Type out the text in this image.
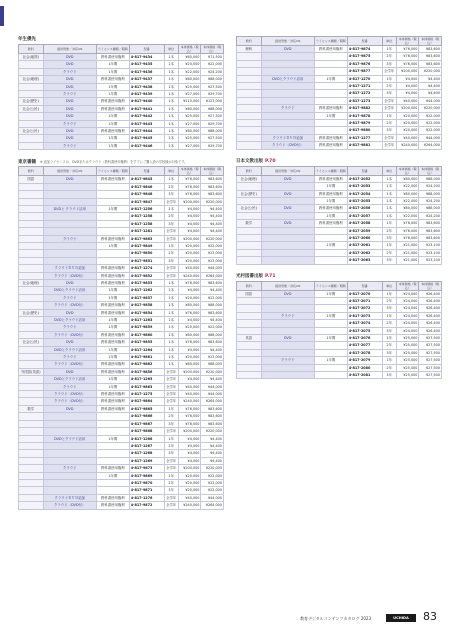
年生優先
教科	提供形態／対応OS	ライセンス種類／期間	型番	単位	本体価格（税込）	本体価格（税込）
社会(地図)	DVD	教科書使用権利	4-817-9434	1本	¥65,000	¥71,500
	DVD	1年間	4-817-9435	1本	¥20,000	¥22,000
	クラウド	1年間	4-817-9436	1本	¥22,000	¥24,200
社会(地理)	DVD	教科書使用権利	4-817-9437	1本	¥80,000	¥88,000
	DVD	1年間	4-817-9438	1本	¥25,000	¥27,500
	クラウド	1年間	4-817-9439	1本	¥27,000	¥29,700
社会(歴史)	DVD	教科書使用権利	4-817-9440	1本	¥110,000	¥121,000
社会(公民)	DVD	教科書使用権利	4-817-9441	1本	¥80,000	¥88,000
	DVD	1年間	4-817-9442	1本	¥25,000	¥27,500
	クラウド	1年間	4-817-9443	1本	¥27,000	¥29,700
社会(公民)	DVD	教科書使用権利	4-817-9444	1本	¥80,000	¥88,000
	DVD	1年間	4-817-9445	1本	¥25,000	¥27,500
	クラウド	1年間	4-817-9446	1本	¥27,000	¥29,700
東京書籍 ※ 追加ライセンスは、DVDまたはクラウド（教科書使用権利）をすでにご購入済の学校様が対象です。
教科	提供形態／対応OS	ライセンス種類／期間	型番	単位	本体価格（税込）	本体価格（税込）
国語	DVD	教科書使用権利	4-817-9845	1本	¥76,000	¥83,600
			4-817-9846	2年	¥76,000	¥83,600
			4-817-9848	3年	¥76,000	¥83,600
			4-817-9847	全学年	¥200,000	¥220,000
	DVDと クラウド活用	1年間	4-817-1256	1本	¥4,000	¥4,400
			4-817-1258	2年	¥4,000	¥4,400
			4-817-1258	3年	¥4,000	¥4,400
			4-817-1281	全学年	¥4,000	¥4,400
	クラウド	教科書使用権利	4-817-9863	全学年	¥200,000	¥220,000
		1年間	4-817-9849	1年	¥20,000	¥22,000
			4-817-9850	2年	¥20,000	¥22,000
			4-817-9851	3年	¥20,000	¥22,000
	クラウドＤＶＤ追加	教科書使用権利	4-817-1274	全学年	¥40,000	¥44,000
	クラウド（DVD付）	教科書使用権利	4-817-9852	全学年	¥240,000	¥264,000
社会(地理)	DVD	教科書使用権利	4-817-9853	1本	¥76,000	¥83,600
	DVDとクラウド活用	1年間	4-817-1262	1本	¥4,000	¥4,400
	クラウド	1年間	4-817-9857	1本	¥20,000	¥22,000
	クラウド（DVD付）	教科書使用権利	4-817-9858	1本	¥80,000	¥88,000
社会(歴史)	DVD	教科書使用権利	4-817-9854	1本	¥76,000	¥83,600
	DVDとクラウド活用	1年間	4-817-1263	1本	¥4,000	¥4,400
	クラウド	1年間	4-817-9859	1本	¥20,000	¥22,000
	クラウド（DVD付）	教科書使用権利	4-817-9860	1本	¥80,000	¥88,000
社会(公民)	DVD	教科書使用権利	4-817-9855	1本	¥76,000	¥83,600
	DVDとクラウド活用	1年間	4-817-1264	1本	¥4,000	¥4,400
	クラウド	1年間	4-817-9861	1本	¥20,000	¥22,000
	クラウド（DVD付）	教科書使用権利	4-817-9862	1本	¥80,000	¥88,000
外国語(英語)	DVD	教科書使用権利	4-817-9856	全学年	¥200,000	¥220,000
	DVDとクラウド活用	1年間	4-817-1265	全学年	¥4,000	¥4,400
	クラウド	1年間	4-817-9863	全学年	¥40,000	¥44,000
	クラウド（DVD付）	教科書使用権利	4-817-1275	全学年	¥40,000	¥44,000
	クラウド（DVD付）	教科書使用権利	4-817-9864	全学年	¥240,000	¥264,000
数学	DVD	教科書使用権利	4-817-9865	1年	¥76,000	¥83,600
			4-817-9866	2年	¥76,000	¥83,600
			4-817-9867	3年	¥76,000	¥83,600
			4-817-9868	全学年	¥200,000	¥220,000
	DVDとクラウド活用	1年間	4-817-1266	1年	¥4,000	¥4,400
			4-817-1267	2年	¥4,000	¥4,400
			4-817-1268	3年	¥4,000	¥4,400
			4-817-1269	全学年	¥4,000	¥4,400
	クラウド	教科書使用権利	4-817-9873	全学年	¥200,000	¥220,000
		1年間	4-817-9869	1年	¥20,000	¥22,000
			4-817-9870	2年	¥20,000	¥22,000
			4-817-9871	3年	¥20,000	¥22,000
	クラウドＤＶＤ追加	教科書使用権利	4-817-1276	全学年	¥40,000	¥44,000
	クラウド（DVD付）	教科書使用権利	4-817-9872	全学年	¥240,000	¥264,000
教科	提供形態／対応OS	ライセンス種類／期間	型番	単位	本体価格（税込）	本体価格（税込）
理科	DVD	教科書使用権利	4-817-9874	1年	¥76,000	¥83,600
			4-817-9875	2年	¥76,000	¥83,600
			4-817-9876	3年	¥76,000	¥83,600
			4-817-9877	全学年	¥200,000	¥220,000
	DVDとクラウド活用	1年間	4-817-1270	1年	¥4,000	¥4,400
			4-817-1271	2年	¥4,000	¥4,400
			4-817-1272	3年	¥4,000	¥4,400
			4-817-1273	全学年	¥40,000	¥44,000
	クラウド	教科書使用権利	4-817-9882	全学年	¥200,000	¥220,000
		1年間	4-817-9878	1年	¥20,000	¥22,000
			4-817-9879	2年	¥20,000	¥22,000
			4-817-9880	3年	¥20,000	¥22,000
	クラウドＤＶＤ追加	教科書使用権利	4-817-1277	全学年	¥40,000	¥44,000
	クラウド（DVD付）	教科書使用権利	4-817-9881	全学年	¥240,000	¥264,000
日本文教出版 P.70
教科	提供形態／対応OS	ライセンス種類／期間	型番	単位	本体価格（税込）	本体価格（税込）
社会(地理)	DVD	教科書使用権利	4-817-2052	1本	¥80,000	¥88,000
		1年間	4-817-2053	1本	¥22,000	¥24,200
社会(歴史)	DVD	教科書使用権利	4-817-2054	1本	¥80,000	¥88,000
		1年間	4-817-2055	1本	¥22,000	¥24,200
社会(公民)	DVD	教科書使用権利	4-817-2056	1本	¥80,000	¥88,000
		1年間	4-817-2057	1本	¥22,000	¥24,200
数学	DVD	教科書使用権利	4-817-2058	1年	¥76,000	¥83,600
			4-817-2059	2年	¥76,000	¥83,600
			4-817-2060	3年	¥76,000	¥83,600
		1年間	4-817-2061	1年	¥21,000	¥23,100
			4-817-2062	2年	¥21,000	¥23,100
			4-817-2063	3年	¥21,000	¥23,100
光村図書出版 P.71
教科	提供形態／対応OS	ライセンス種類／期間	型番	単位	本体価格（税込）	本体価格（税込）
国語	DVD	1年間	4-817-2070	1年	¥24,000	¥26,400
			4-817-2071	2年	¥24,000	¥26,400
			4-817-2072	3年	¥24,000	¥26,400
	クラウド	1年間	4-817-2073	1年	¥24,000	¥26,400
			4-817-2074	2年	¥24,000	¥26,400
			4-817-2075	3年	¥24,000	¥26,400
英語	DVD	1年間	4-817-2076	1年	¥25,000	¥27,500
			4-817-2077	2年	¥25,000	¥27,500
			4-817-2078	3年	¥25,000	¥27,500
	クラウド	1年間	4-817-2079	1年	¥25,000	¥27,500
			4-817-2080	2年	¥25,000	¥27,500
			4-817-2081	3年	¥25,000	¥27,500
教育デジタルコンテンツカタログ 2023	UCHIDA	83
